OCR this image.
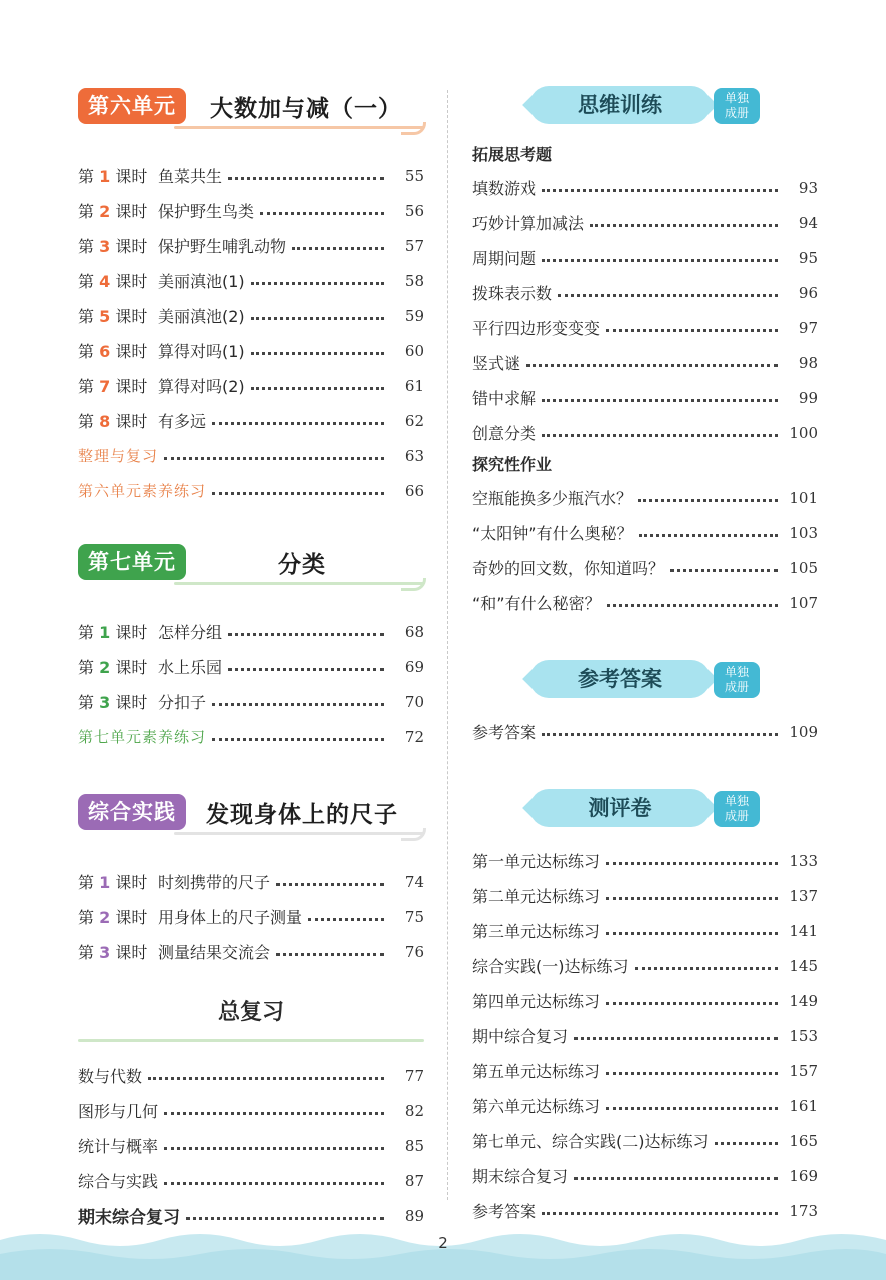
第六单元	大数加与减（一）
第 1 课时 鱼菜共生	55
第 2 课时 保护野生鸟类	56
第 3 课时 保护野生哺乳动物	57
第 4 课时 美丽滇池(1)	58
第 5 课时 美丽滇池(2)	59
第 6 课时 算得对吗(1)	60
第 7 课时 算得对吗(2)	61
第 8 课时 有多远	62
整理与复习	63
第六单元素养练习	66
第七单元	分类
第 1 课时 怎样分组	68
第 2 课时 水上乐园	69
第 3 课时 分扣子	70
第七单元素养练习	72
综合实践	发现身体上的尺子
第 1 课时 时刻携带的尺子	74
第 2 课时 用身体上的尺子测量	75
第 3 课时 测量结果交流会	76
总复习
数与代数	77
图形与几何	82
统计与概率	85
综合与实践	87
期末综合复习	89
思维训练	单独
成册
拓展思考题
填数游戏	93
巧妙计算加减法	94
周期问题	95
拨珠表示数	96
平行四边形变变变	97
竖式谜	98
错中求解	99
创意分类	100
探究性作业
空瓶能换多少瓶汽水？	101
“太阳钟”有什么奥秘？	103
奇妙的回文数，你知道吗？	105
“和”有什么秘密？	107
参考答案	单独
成册
参考答案	109
测评卷	单独
成册
第一单元达标练习	133
第二单元达标练习	137
第三单元达标练习	141
综合实践(一)达标练习	145
第四单元达标练习	149
期中综合复习	153
第五单元达标练习	157
第六单元达标练习	161
第七单元、综合实践(二)达标练习	165
期末综合复习	169
参考答案	173
2
